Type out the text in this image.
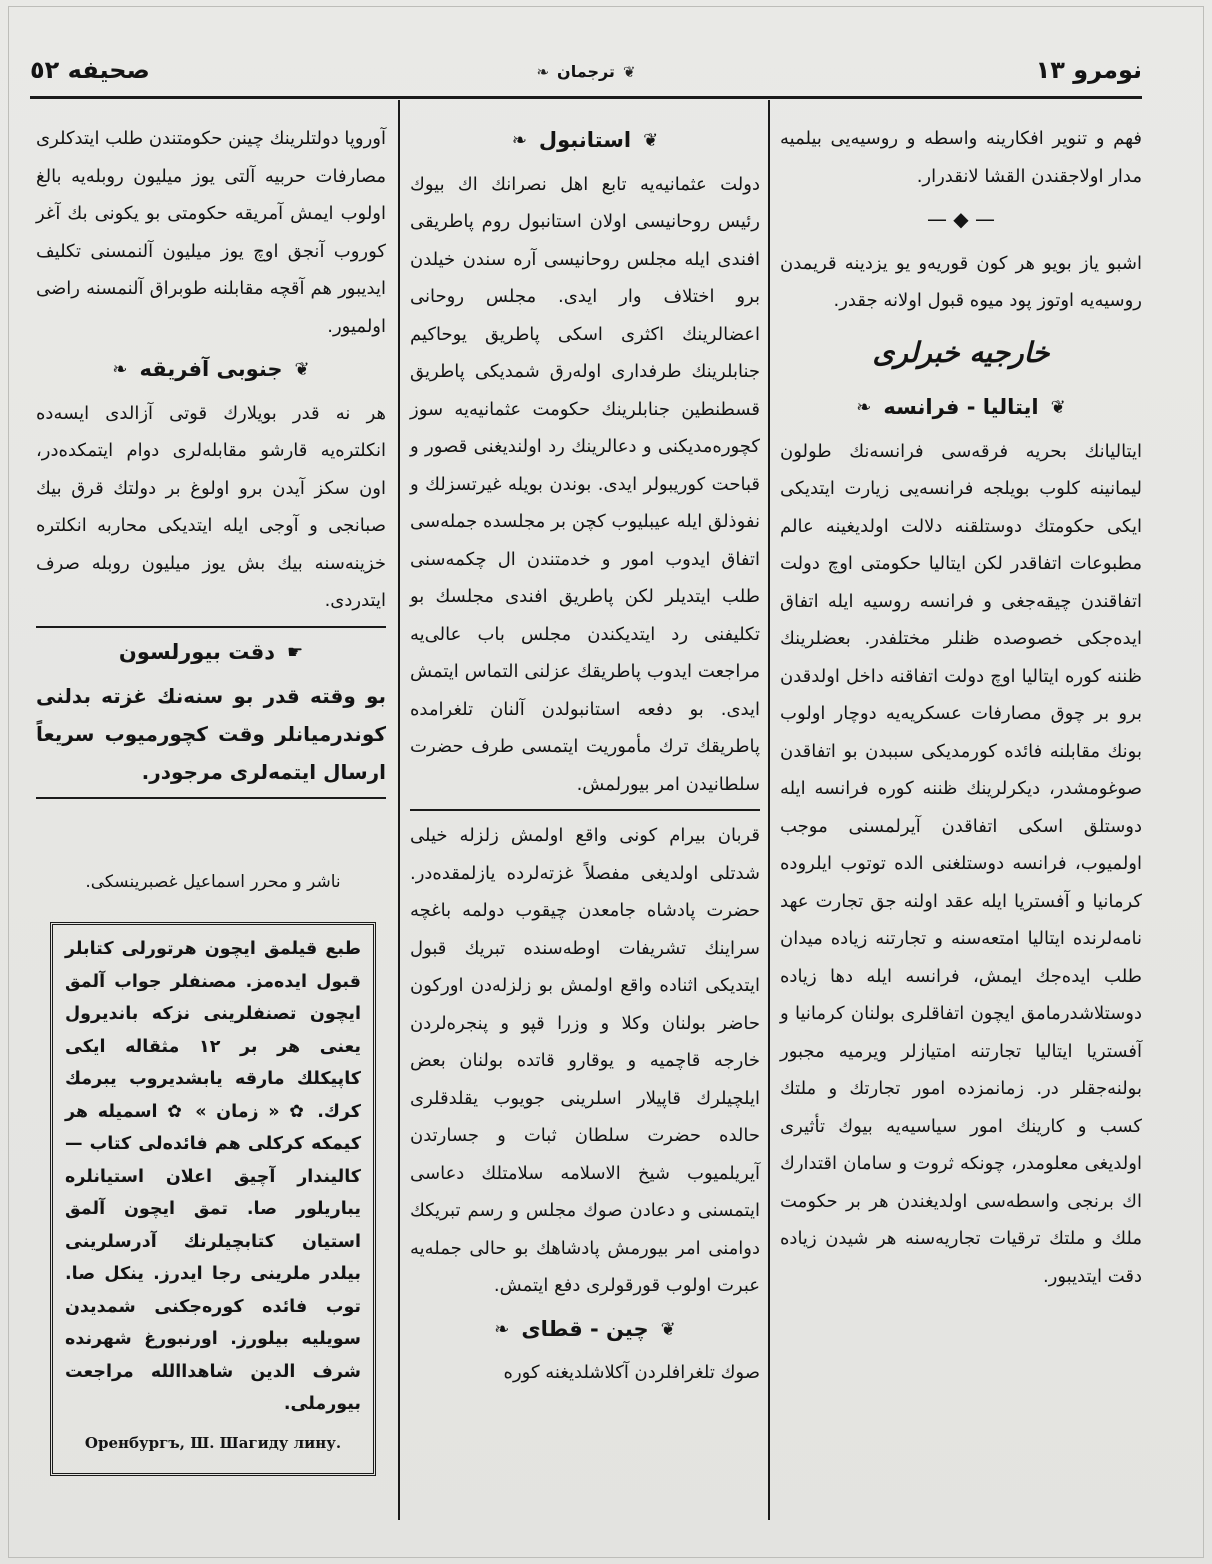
نومرو ١٣
❦
ترجمان
❧
صحيفه ٥٢

فهم و تنوير افكارينه واسطه و روسيه‌يى بيلميه مدار اولاجقندن القشا لانقدرار.

— ◆ —

اشبو ياز بويو هر كون قوريه‌و يو يزدينه قريمدن روسيه‌يه اوتوز پود ميوه قبول اولانه جقدر.

خارجيه خبرلرى
❦
ايتاليا - فرانسه
❧

ايتاليانك بحريه فرقه‌سى فرانسه‌نك طولون ليمانينه كلوب بويلجه فرانسه‌يى زيارت ايتديكى ايكى حكومتك دوستلقنه دلالت اولديغينه عالم مطبوعات اتفاقدر لكن ايتاليا حكومتى اوچ دولت اتفاقندن چيقه‌جغى و فرانسه روسيه ايله اتفاق ايده‌جكى خصوصده ظنلر مختلفدر. بعضلرينك ظننه كوره ايتاليا اوچ دولت اتفاقنه داخل اولدقدن برو بر چوق مصارفات عسكريه‌يه دوچار اولوب بونك مقابلنه فائده كورمديكى سببدن بو اتفاقدن صوغومشدر، ديكرلرينك ظننه كوره فرانسه ايله دوستلق اسكى اتفاقدن آيرلمسنى موجب اولميوب، فرانسه دوستلغنى الده توتوب ايلرودە كرمانيا و آفستريا ايله عقد اولنه جق تجارت عهد نامه‌لرنده ايتاليا امتعه‌سنه و تجارتنه زياده ميدان طلب ايده‌جك ايمش، فرانسه ايله دها زياده دوستلاشدرمامق ايچون اتفاقلرى بولنان كرمانيا و آفستريا ايتاليا تجارتنه امتيازلر ويرميه مجبور بولنه‌جقلر در. زمانمزده امور تجارتك و ملتك كسب و كارينك امور سياسيه‌يه بيوك تأثيرى اولديغى معلومدر، چونكه ثروت و سامان اقتدارك اك برنجى واسطه‌سى اولديغندن هر بر حكومت ملك و ملتك ترقيات تجاريه‌سنه هر شيدن زياده دقت ايتديبور.

❦
استانبول
❧

دولت عثمانيه‌يه تابع اهل نصرانك اك بيوك رئيس روحانيسى اولان استانبول روم پاطريقى افندى ايله مجلس روحانيسى آره سندن خيلدن برو اختلاف وار ايدى. مجلس روحانى اعضالرينك اكثرى اسكى پاطريق يوحاكيم جنابلرينك طرفدارى اوله‌رق شمديكى پاطريق قسطنطين جنابلرينك حكومت عثمانيه‌يه سوز كچورەمديكنى و دعالرينك رد اولنديغنى قصور و قباحت كوريبولر ايدى. بوندن بويله غيرتسزلك و نفوذلق ايله عيبليوب كچن بر مجلسده جمله‌سى اتفاق ايدوب امور و خدمتندن ال چكمه‌سنى طلب ايتديلر لكن پاطريق افندى مجلسك بو تكليفنى رد ايتديكندن مجلس باب عالى‌يه مراجعت ايدوب پاطريقك عزلنى التماس ايتمش ايدى. بو دفعه استانبولدن آلنان تلغرامده پاطريقك ترك مأموريت ايتمسى طرف حضرت سلطانيدن امر بيورلمش.

قربان بيرام كونى واقع اولمش زلزله خيلى شدتلى اولديغى مفصلاً غزته‌لرده يازلمقده‌در. حضرت پادشاه جامعدن چيقوب دولمه باغچه سراينك تشريفات اوطه‌سنده تبريك قبول ايتديكى اثناده واقع اولمش بو زلزله‌دن اوركون حاضر بولنان وكلا و وزرا قپو و پنجره‌لردن خارجه قاچميه و يوقارو قاتده بولنان بعض ايلچيلرك قاپيلار اسلرينى جويوب يقلدقلرى حالده حضرت سلطان ثبات و جسارتدن آيريلميوب شيخ الاسلامه سلامتلك دعاسى ايتمسنى و دعادن صوك مجلس و رسم تبريكك دوامنى امر بيورمش پادشاهك بو حالى جمله‌يه عبرت اولوب قورقولرى دفع ايتمش.

❦
چين - قطاى
❧

صوك تلغرافلردن آكلاشلديغنه كوره

آوروپا دولتلرينك چينن حكومتندن طلب ايتدكلرى مصارفات حربيه آلتى يوز ميليون روبله‌يه بالغ اولوب ايمش آمريقه حكومتى بو يكونى بك آغر كوروب آنجق اوچ يوز ميليون آلنمسنى تكليف ايديبور هم آقچه مقابلنه طوبراق آلنمسنه راضى اولميور.

❦
جنوبى آفريقه
❧

هر نه قدر بويلارك قوتى آزالدى ايسه‌ده انكلتره‌يه قارشو مقابله‌لرى دوام ايتمكده‌در، اون سكز آيدن برو اولوغ بر دولتك قرق بيك صبانجى و آوجى ايله ايتديكى محاربه انكلتره خزينه‌سنه بيك بش يوز ميليون روبله صرف ايتدردى.

☛
دقت بيورلسون

بو وقته قدر بو سنه‌نك غزته بدلنى كوندرميانلر وقت كچورميوب سريعاً ارسال ايتمه‌لرى مرجودر.

ناشر و محرر اسماعيل غصبرينسكى.

طبع قيلمق ايچون هرتورلى كتابلر قبول ايده‌مز. مصنفلر جواب آلمق ايچون تصنفلرينى نزكه باندیرول يعنى هر بر ١٢ مثقاله ايكى كاپيكلك مارقه يابشديروب يبرمك كرك. ✿ « زمان » ✿ اسميله هر كيمكه كركلى هم فائده‌لى كتاب — كاليندار آچيق اعلان استيانلره يباريلور صا. تمق ايچون آلمق استيان كتابچيلرنك آدرسلرينى بيلدر ملرينى رجا ايدرز. ينكل صا. توب فائده كوره‌جكنى شمديدن سويليه بيلورز. اورنبورغ شهرنده شرف الدين شاهداالله مراجعت بيورملى.

Оренбургъ, Ш. Шагиду лину.
